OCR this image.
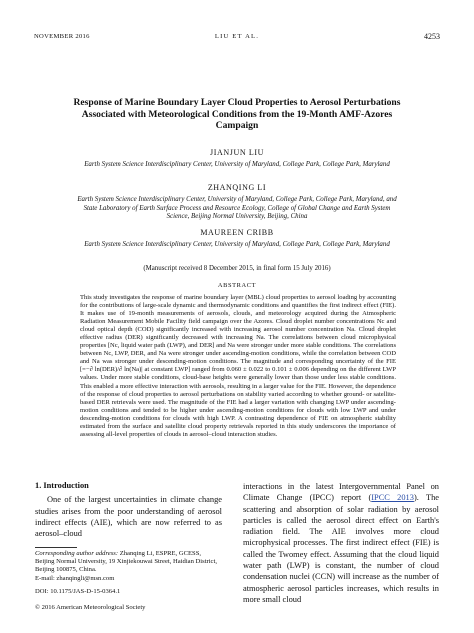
NOVEMBER 2016	LIU ET AL.	4253
Response of Marine Boundary Layer Cloud Properties to Aerosol Perturbations Associated with Meteorological Conditions from the 19-Month AMF-Azores Campaign
JIANJUN LIU
Earth System Science Interdisciplinary Center, University of Maryland, College Park, College Park, Maryland
ZHANQING LI
Earth System Science Interdisciplinary Center, University of Maryland, College Park, College Park, Maryland, and State Laboratory of Earth Surface Process and Resource Ecology, College of Global Change and Earth System Science, Beijing Normal University, Beijing, China
MAUREEN CRIBB
Earth System Science Interdisciplinary Center, University of Maryland, College Park, College Park, Maryland
(Manuscript received 8 December 2015, in final form 15 July 2016)
ABSTRACT
This study investigates the response of marine boundary layer (MBL) cloud properties to aerosol loading by accounting for the contributions of large-scale dynamic and thermodynamic conditions and quantifies the first indirect effect (FIE). It makes use of 19-month measurements of aerosols, clouds, and meteorology acquired during the Atmospheric Radiation Measurement Mobile Facility field campaign over the Azores. Cloud droplet number concentrations Nc and cloud optical depth (COD) significantly increased with increasing aerosol number concentration Na. Cloud droplet effective radius (DER) significantly decreased with increasing Na. The correlations between cloud microphysical properties [Nc, liquid water path (LWP), and DER] and Na were stronger under more stable conditions. The correlations between Nc, LWP, DER, and Na were stronger under ascending-motion conditions, while the correlation between COD and Na was stronger under descending-motion conditions. The magnitude and corresponding uncertainty of the FIE [=−∂ ln(DER)/∂ ln(Na)| at constant LWP] ranged from 0.060 ± 0.022 to 0.101 ± 0.006 depending on the different LWP values. Under more stable conditions, cloud-base heights were generally lower than those under less stable conditions. This enabled a more effective interaction with aerosols, resulting in a larger value for the FIE. However, the dependence of the response of cloud properties to aerosol perturbations on stability varied according to whether ground- or satellite-based DER retrievals were used. The magnitude of the FIE had a larger variation with changing LWP under ascending-motion conditions and tended to be higher under ascending-motion conditions for clouds with low LWP and under descending-motion conditions for clouds with high LWP. A contrasting dependence of FIE on atmospheric stability estimated from the surface and satellite cloud property retrievals reported in this study underscores the importance of assessing all-level properties of clouds in aerosol–cloud interaction studies.
1. Introduction
One of the largest uncertainties in climate change studies arises from the poor understanding of aerosol indirect effects (AIE), which are now referred to as aerosol–cloud
interactions in the latest Intergovernmental Panel on Climate Change (IPCC) report (IPCC 2013). The scattering and absorption of solar radiation by aerosol particles is called the aerosol direct effect on Earth's radiation field. The AIE involves more cloud microphysical processes. The first indirect effect (FIE) is called the Twomey effect. Assuming that the cloud liquid water path (LWP) is constant, the number of cloud condensation nuclei (CCN) will increase as the number of atmospheric aerosol particles increases, which results in more small cloud
Corresponding author address: Zhanqing Li, ESPRE, GCESS, Beijing Normal University, 19 Xinjiekouwai Street, Haidian District, Beijing 100875, China.
E-mail: zhanqingli@msn.com
DOI: 10.1175/JAS-D-15-0364.1
© 2016 American Meteorological Society
